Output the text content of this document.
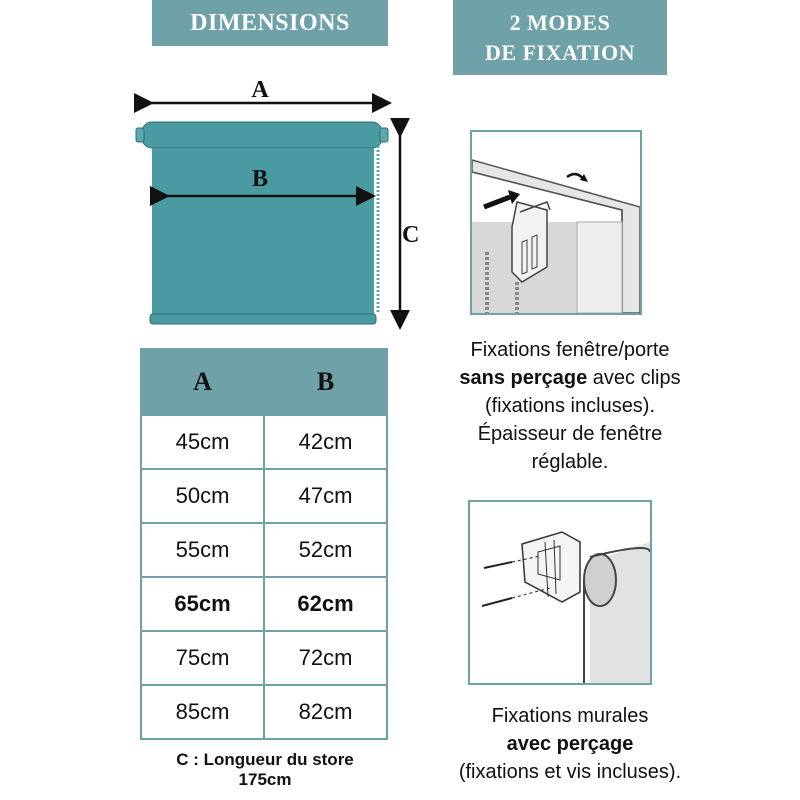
DIMENSIONS	2 MODES
DE FIXATION
A
B
C
A	B
45cm	42cm
50cm	47cm
55cm	52cm
65cm	62cm
75cm	72cm
85cm	82cm
C : Longueur du store
175cm
Fixations fenêtre/porte
sans perçage avec clips
(fixations incluses).
Épaisseur de fenêtre
réglable.
Fixations murales
avec perçage
(fixations et vis incluses).
